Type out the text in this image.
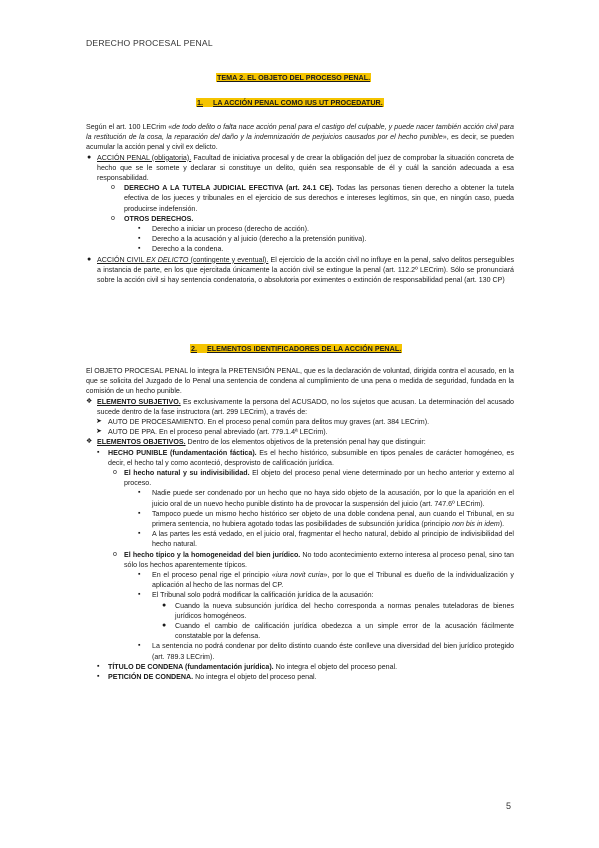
DERECHO PROCESAL PENAL
TEMA 2. EL OBJETO DEL PROCESO PENAL.
1. LA ACCIÓN PENAL COMO IUS UT PROCEDATUR.
Según el art. 100 LECrim «de todo delito o falta nace acción penal para el castigo del culpable, y puede nacer también acción civil para la restitución de la cosa, la reparación del daño y la indemnización de perjuicios causados por el hecho punible», es decir, se pueden acumular la acción penal y civil ex delicto.
● ACCIÓN PENAL (obligatoria). Facultad de iniciativa procesal y de crear la obligación del juez de comprobar la situación concreta de hecho que se le somete y declarar si constituye un delito, quién sea responsable de él y cuál la sanción adecuada a esa responsabilidad.
o DERECHO A LA TUTELA JUDICIAL EFECTIVA (art. 24.1 CE). Todas las personas tienen derecho a obtener la tutela efectiva de los jueces y tribunales en el ejercicio de sus derechos e intereses legítimos, sin que, en ningún caso, pueda producirse indefensión.
o OTROS DERECHOS.
▪ Derecho a iniciar un proceso (derecho de acción).
▪ Derecho a la acusación y al juicio (derecho a la pretensión punitiva).
▪ Derecho a la condena.
● ACCIÓN CIVIL EX DELICTO (contingente y eventual). El ejercicio de la acción civil no influye en la penal, salvo delitos perseguibles a instancia de parte, en los que ejercitada únicamente la acción civil se extingue la penal (art. 112.2º LECrim). Sólo se pronunciará sobre la acción civil si hay sentencia condenatoria, o absolutoria por eximentes o extinción de responsabilidad penal (art. 130 CP)
2. ELEMENTOS IDENTIFICADORES DE LA ACCIÓN PENAL.
El OBJETO PROCESAL PENAL lo integra la PRETENSIÓN PENAL, que es la declaración de voluntad, dirigida contra el acusado, en la que se solicita del Juzgado de lo Penal una sentencia de condena al cumplimiento de una pena o medida de seguridad, fundada en la comisión de un hecho punible.
❖ ELEMENTO SUBJETIVO. Es exclusivamente la persona del ACUSADO, no los sujetos que acusan. La determinación del acusado sucede dentro de la fase instructora (art. 299 LECrim), a través de:
➤ AUTO DE PROCESAMIENTO. En el proceso penal común para delitos muy graves (art. 384 LECrim).
➤ AUTO DE PPA. En el proceso penal abreviado (art. 779.1.4ª LECrim).
❖ ELEMENTOS OBJETIVOS. Dentro de los elementos objetivos de la pretensión penal hay que distinguir:
▪ HECHO PUNIBLE (fundamentación fáctica). Es el hecho histórico, subsumible en tipos penales de carácter homogéneo, es decir, el hecho tal y como aconteció, desprovisto de calificación jurídica.
o El hecho natural y su indivisibilidad. El objeto del proceso penal viene determinado por un hecho anterior y externo al proceso.
▪ Nadie puede ser condenado por un hecho que no haya sido objeto de la acusación, por lo que la aparición en el juicio oral de un nuevo hecho punible distinto ha de provocar la suspensión del juicio (art. 747.6º LECrim).
▪ Tampoco puede un mismo hecho histórico ser objeto de una doble condena penal, aun cuando el Tribunal, en su primera sentencia, no hubiera agotado todas las posibilidades de subsunción jurídica (principio non bis in idem).
▪ A las partes les está vedado, en el juicio oral, fragmentar el hecho natural, debido al principio de indivisibilidad del hecho natural.
o El hecho típico y la homogeneidad del bien jurídico. No todo acontecimiento externo interesa al proceso penal, sino tan sólo los hechos aparentemente típicos.
▪ En el proceso penal rige el principio «iura novit curia», por lo que el Tribunal es dueño de la individualización y aplicación al hecho de las normas del CP.
▪ El Tribunal solo podrá modificar la calificación jurídica de la acusación:
● Cuando la nueva subsunción jurídica del hecho corresponda a normas penales tuteladoras de bienes jurídicos homogéneos.
● Cuando el cambio de calificación jurídica obedezca a un simple error de la acusación fácilmente constatable por la defensa.
▪ La sentencia no podrá condenar por delito distinto cuando éste conlleve una diversidad del bien jurídico protegido (art. 789.3 LECrim).
▪ TÍTULO DE CONDENA (fundamentación jurídica). No integra el objeto del proceso penal.
▪ PETICIÓN DE CONDENA. No integra el objeto del proceso penal.
5
